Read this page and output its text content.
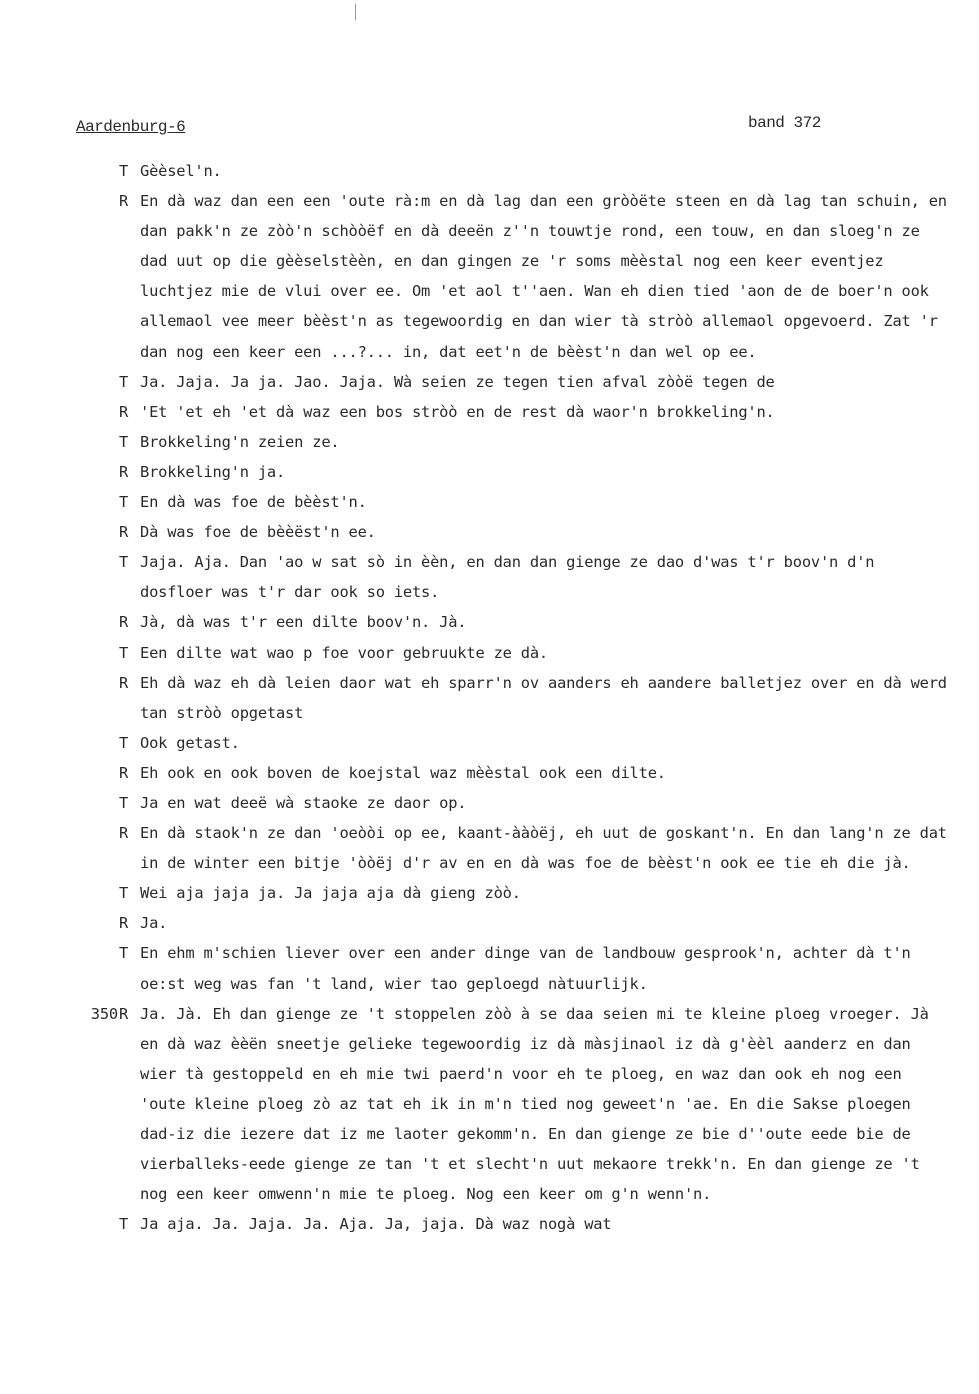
Aardenburg-6	band 372
T Gèèsel'n.
R En dà waz dan een een 'oute rà:m en dà lag dan een gròòëte steen en dà lag tan schuin, en dan pakk'n ze zòò'n schòòëf en dà deeën z''n touwtje rond, een touw, en dan sloeg'n ze dad uut op die gèèselstèèn, en dan gingen ze 'r soms mèèstal nog een keer eventjez luchtjez mie de vlui over ee. Om 'et aol t''aen. Wan eh dien tied 'aon de de boer'n ook allemaol vee meer bèèst'n as tegewoordig en dan wier tà stròò allemaol opgevoerd. Zat 'r dan nog een keer een ...?... in, dat eet'n de bèèst'n dan wel op ee.
T Ja. Jaja. Ja ja. Jao. Jaja. Wà seien ze tegen tien afval zòòë tegen de
R 'Et 'et eh 'et dà waz een bos stròò en de rest dà waor'n brokkeling'n.
T Brokkeling'n zeien ze.
R Brokkeling'n ja.
T En dà was foe de bèèst'n.
R Dà was foe de bèèëst'n ee.
T Jaja. Aja. Dan 'ao w sat sò in èèn, en dan dan gienge ze dao d'was t'r boov'n d'n dosfloer was t'r dar ook so iets.
R Jà, dà was t'r een dilte boov'n. Jà.
T Een dilte wat wao p foe voor gebruukte ze dà.
R Eh dà waz eh dà leien daor wat eh sparr'n ov aanders eh aandere balletjez over en dà werd tan stròò opgetast
T Ook getast.
R Eh ook en ook boven de koejstal waz mèèstal ook een dilte.
T Ja en wat deeë wà staoke ze daor op.
R En dà staok'n ze dan 'oeòòi op ee, kaant-ààòëj, eh uut de goskant'n. En dan lang'n ze dat in de winter een bitje 'òòëj d'r av en en dà was foe de bèèst'n ook ee tie eh die jà.
T Wei aja jaja ja. Ja jaja aja dà gieng zòò.
R Ja.
T En ehm m'schien liever over een ander dinge van de landbouw gesprook'n, achter dà t'n oe:st weg was fan 't land, wier tao geploegd nàtuurlijk.
350 R Ja. Jà. Eh dan gienge ze 't stoppelen zòò à se daa seien mi te kleine ploeg vroeger. Jà en dà waz èèën sneetje gelieke tegewoordig iz dà màsjinaol iz dà g'èèl aanderz en dan wier tà gestoppeld en eh mie twi paerd'n voor eh te ploeg, en waz dan ook eh nog een 'oute kleine ploeg zò az tat eh ik in m'n tied nog geweet'n 'ae. En die Sakse ploegen dad-iz die iezere dat iz me laoter gekomm'n. En dan gienge ze bie d''oute eede bie de vierballeks-eede gienge ze tan 't et slecht'n uut mekaore trekk'n. En dan gienge ze 't nog een keer omwenn'n mie te ploeg. Nog een keer om g'n wenn'n.
T Ja aja. Ja. Jaja. Ja. Aja. Ja, jaja. Dà waz nogà wat
